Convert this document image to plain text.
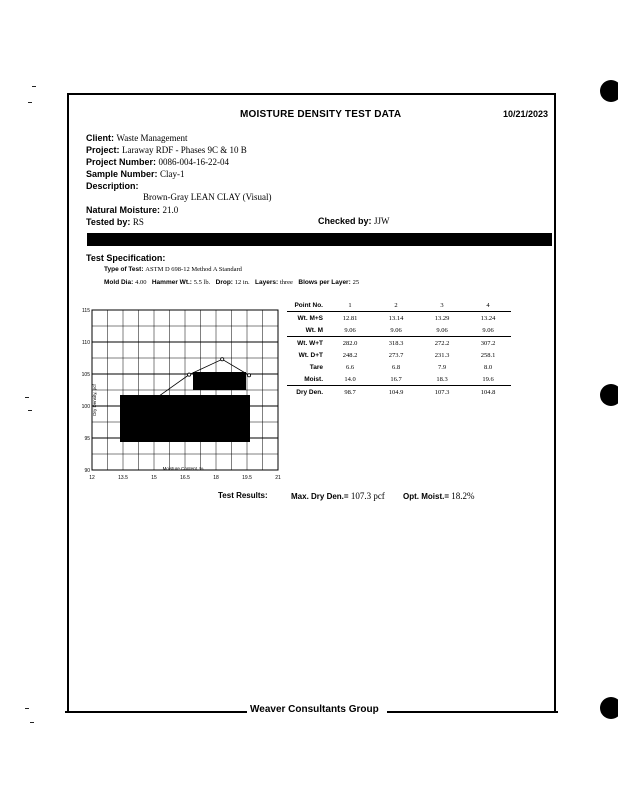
MOISTURE DENSITY TEST DATA	10/21/2023
Client: Waste Management
Project: Laraway RDF - Phases 9C & 10 B
Project Number: 0086-004-16-22-04
Sample Number: Clay-1
Description:
Brown-Gray LEAN CLAY (Visual)
Natural Moisture: 21.0
Tested by: RS	Checked by: JJW
Test Specification:
Type of Test: ASTM D 698-12 Method A Standard
Mold Dia: 4.00 Hammer Wt.: 5.5 lb. Drop: 12 in. Layers: three Blows per Layer: 25
12	13.5	15	16.5	18	19.5	21
115
110
105
100
95
90	Moisture Content, %
Dry Density, pcf
Point No.	1	2	3	4
Wt. M+S	12.81	13.14	13.29	13.24
Wt. M	9.06	9.06	9.06	9.06
Wt. W+T	282.0	318.3	272.2	307.2
Wt. D+T	248.2	273.7	231.3	258.1
Tare	6.6	6.8	7.9	8.0
Moist.	14.0	16.7	18.3	19.6
Dry Den.	98.7	104.9	107.3	104.8
Test Results:	Max. Dry Den.= 107.3 pcf Opt. Moist.= 18.2%
Weaver Consultants Group
